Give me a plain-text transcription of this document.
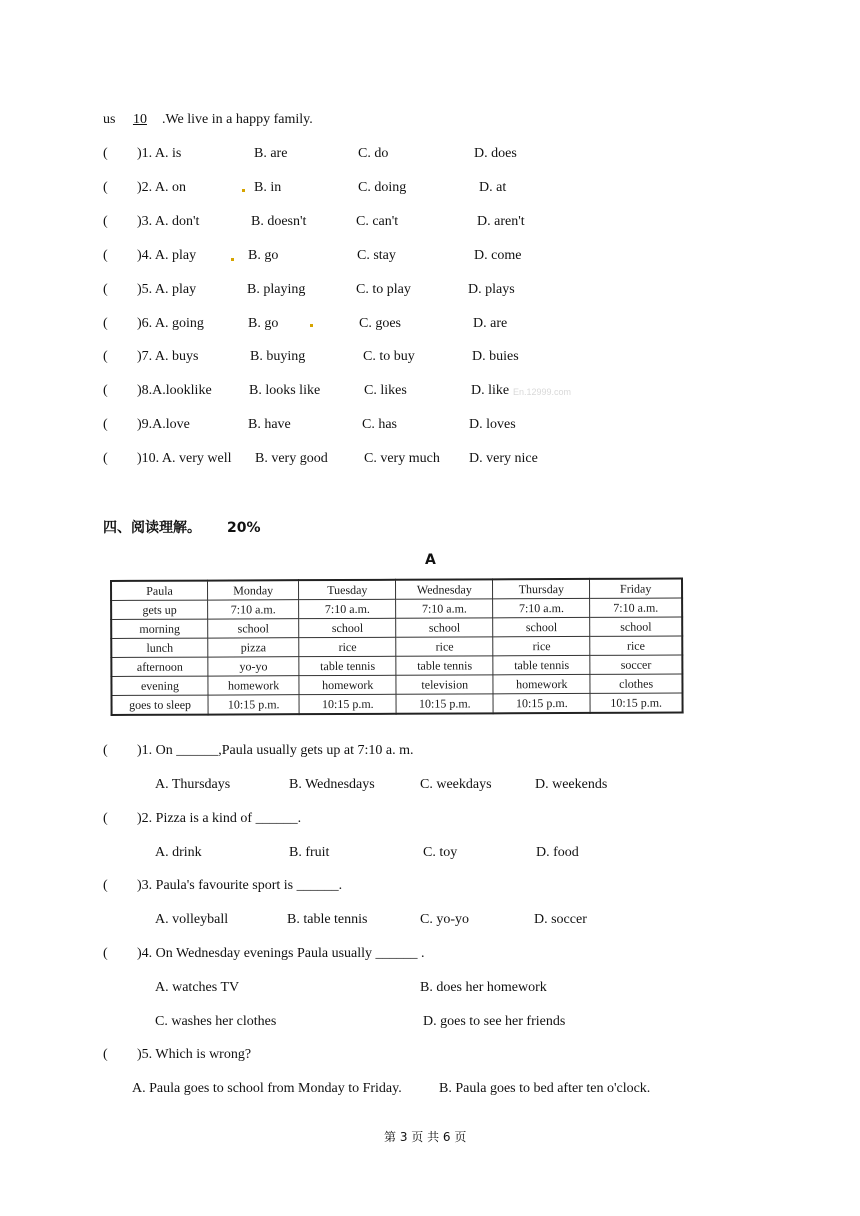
us 10 .We live in a happy family.
( )1. A. is	B. are	C. do	D. does
( )2. A. on	B. in	C. doing	D. at
( )3. A. don't	B. doesn't	C. can't	D. aren't
( )4. A. play	B. go	C. stay	D. come
( )5. A. play	B. playing	C. to play	D. plays
( )6. A. going	B. go	C. goes	D. are
( )7. A. buys	B. buying	C. to buy	D. buies
( )8.A.looklike	B. looks like	C. likes	D. like En.12999.com
( )9.A.love	B. have	C. has	D. loves
( )10. A. very well B. very good	C. very much D. very nice
四、阅读理解。 20%
A
Paula	Monday	Tuesday	Wednesday	Thursday	Friday
gets up	7:10 a.m.	7:10 a.m.	7:10 a.m.	7:10 a.m.	7:10 a.m.
morning	school	school	school	school	school
lunch	pizza	rice	rice	rice	rice
afternoon	yo-yo	table tennis	table tennis	table tennis	soccer
evening	homework	homework	television	homework	clothes
goes to sleep	10:15 p.m.	10:15 p.m.	10:15 p.m.	10:15 p.m.	10:15 p.m.
( )1. On ______,Paula usually gets up at 7:10 a. m.
A. Thursdays	B. Wednesdays	C. weekdays	D. weekends
( )2. Pizza is a kind of ______.
A. drink	B. fruit	C. toy	D. food
( )3. Paula's favourite sport is ______.
A. volleyball	B. table tennis	C. yo-yo	D. soccer
( )4. On Wednesday evenings Paula usually ______ .
A. watches TV	B. does her homework
C. washes her clothes	D. goes to see her friends
( )5. Which is wrong?
A. Paula goes to school from Monday to Friday.	B. Paula goes to bed after ten o'clock.
第 3 页 共 6 页
